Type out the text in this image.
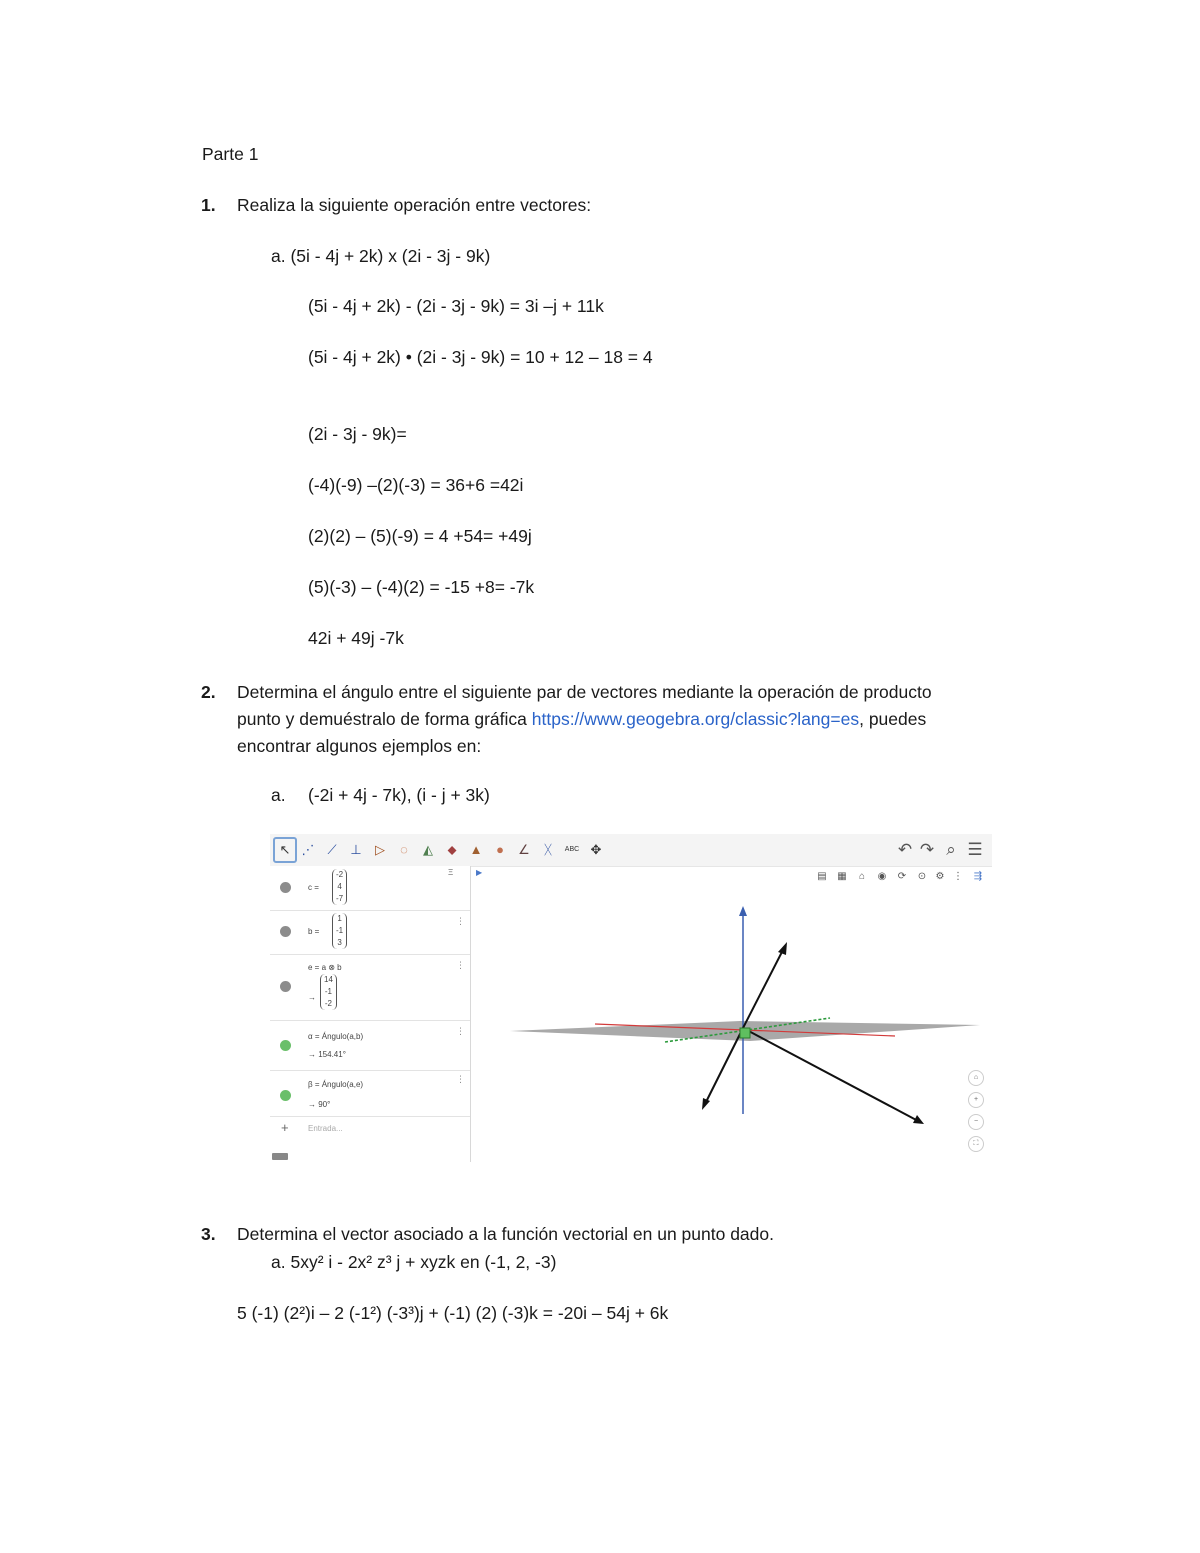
Parte 1
1. Realiza la siguiente operación entre vectores:
a. (5i - 4j + 2k) x (2i - 3j - 9k)
(5i - 4j + 2k) - (2i - 3j - 9k) = 3i –j + 11k
(5i - 4j + 2k) • (2i - 3j - 9k) = 10 + 12 – 18 = 4
(2i - 3j - 9k)=
(-4)(-9) –(2)(-3) = 36+6 =42i
(2)(2) – (5)(-9) = 4 +54= +49j
(5)(-3) – (-4)(2) = -15 +8= -7k
42i + 49j -7k
2. Determina el ángulo entre el siguiente par de vectores mediante la operación de producto
punto y demuéstralo de forma gráfica https://www.geogebra.org/classic?lang=es, puedes
encontrar algunos ejemplos en:
a. (-2i + 4j - 7k), (i - j + 3k)
↖ ⋰ ⟋	⊥	▷	◌	◭	⬥	▲	●	∠	ᚷ	ABC ✥	↶ ↷ ⌕ ☰
Ξ	▶
c =
-2
4
-7
b =
1
-1
3
⋮
e = a ⊗ b
→
14
-1
-2
⋮
α = Ángulo(a,b)
→ 154.41°
⋮
β = Ángulo(a,e)
→ 90°
⋮
+ Entrada...
▤	▦	⌂	◉	⟳	⊙ ⚙ ⋮	⇶
⌂
+
−
⛶
3. Determina el vector asociado a la función vectorial en un punto dado.
a. 5xy² i - 2x² z³ j + xyzk en (-1, 2, -3)
5 (-1) (2²)i – 2 (-1²) (-3³)j + (-1) (2) (-3)k = -20i – 54j + 6k
